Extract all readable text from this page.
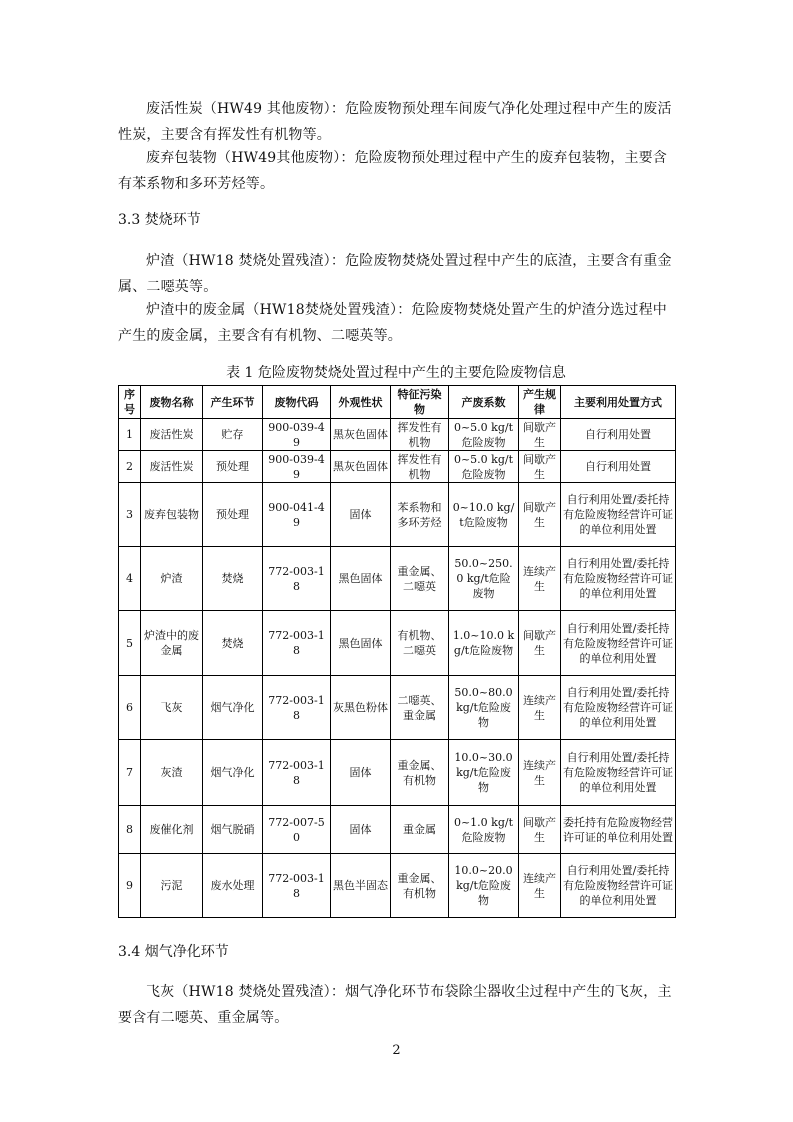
废活性炭（HW49 其他废物）：危险废物预处理车间废气净化处理过程中产生的废活性炭，主要含有挥发性有机物等。

废弃包装物（HW49其他废物）：危险废物预处理过程中产生的废弃包装物，主要含有苯系物和多环芳烃等。

3.3 焚烧环节

炉渣（HW18 焚烧处置残渣）：危险废物焚烧处置过程中产生的底渣，主要含有重金属、二噁英等。

炉渣中的废金属（HW18焚烧处置残渣）：危险废物焚烧处置产生的炉渣分选过程中产生的废金属，主要含有有机物、二噁英等。

表 1 危险废物焚烧处置过程中产生的主要危险废物信息

序号	废物名称	产生环节	废物代码	外观性状	特征污染物	产废系数	产生规律	主要利用处置方式
1	废活性炭	贮存	900-039-49	黑灰色固体	挥发性有机物	0~5.0 kg/t危险废物	间歇产生	自行利用处置
2	废活性炭	预处理	900-039-49	黑灰色固体	挥发性有机物	0~5.0 kg/t危险废物	间歇产生	自行利用处置
3	废弃包装物	预处理	900-041-49	固体	苯系物和多环芳烃	0~10.0 kg/t危险废物	间歇产生	自行利用处置/委托持有危险废物经营许可证的单位利用处置
4	炉渣	焚烧	772-003-18	黑色固体	重金属、二噁英	50.0~250.0 kg/t危险废物	连续产生	自行利用处置/委托持有危险废物经营许可证的单位利用处置
5	炉渣中的废金属	焚烧	772-003-18	黑色固体	有机物、二噁英	1.0~10.0 kg/t危险废物	间歇产生	自行利用处置/委托持有危险废物经营许可证的单位利用处置
6	飞灰	烟气净化	772-003-18	灰黑色粉体	二噁英、重金属	50.0~80.0 kg/t危险废物	连续产生	自行利用处置/委托持有危险废物经营许可证的单位利用处置
7	灰渣	烟气净化	772-003-18	固体	重金属、有机物	10.0~30.0 kg/t危险废物	连续产生	自行利用处置/委托持有危险废物经营许可证的单位利用处置
8	废催化剂	烟气脱硝	772-007-50	固体	重金属	0~1.0 kg/t危险废物	间歇产生	委托持有危险废物经营许可证的单位利用处置
9	污泥	废水处理	772-003-18	黑色半固态	重金属、有机物	10.0~20.0 kg/t危险废物	连续产生	自行利用处置/委托持有危险废物经营许可证的单位利用处置

3.4 烟气净化环节

飞灰（HW18 焚烧处置残渣）：烟气净化环节布袋除尘器收尘过程中产生的飞灰，主要含有二噁英、重金属等。

2
